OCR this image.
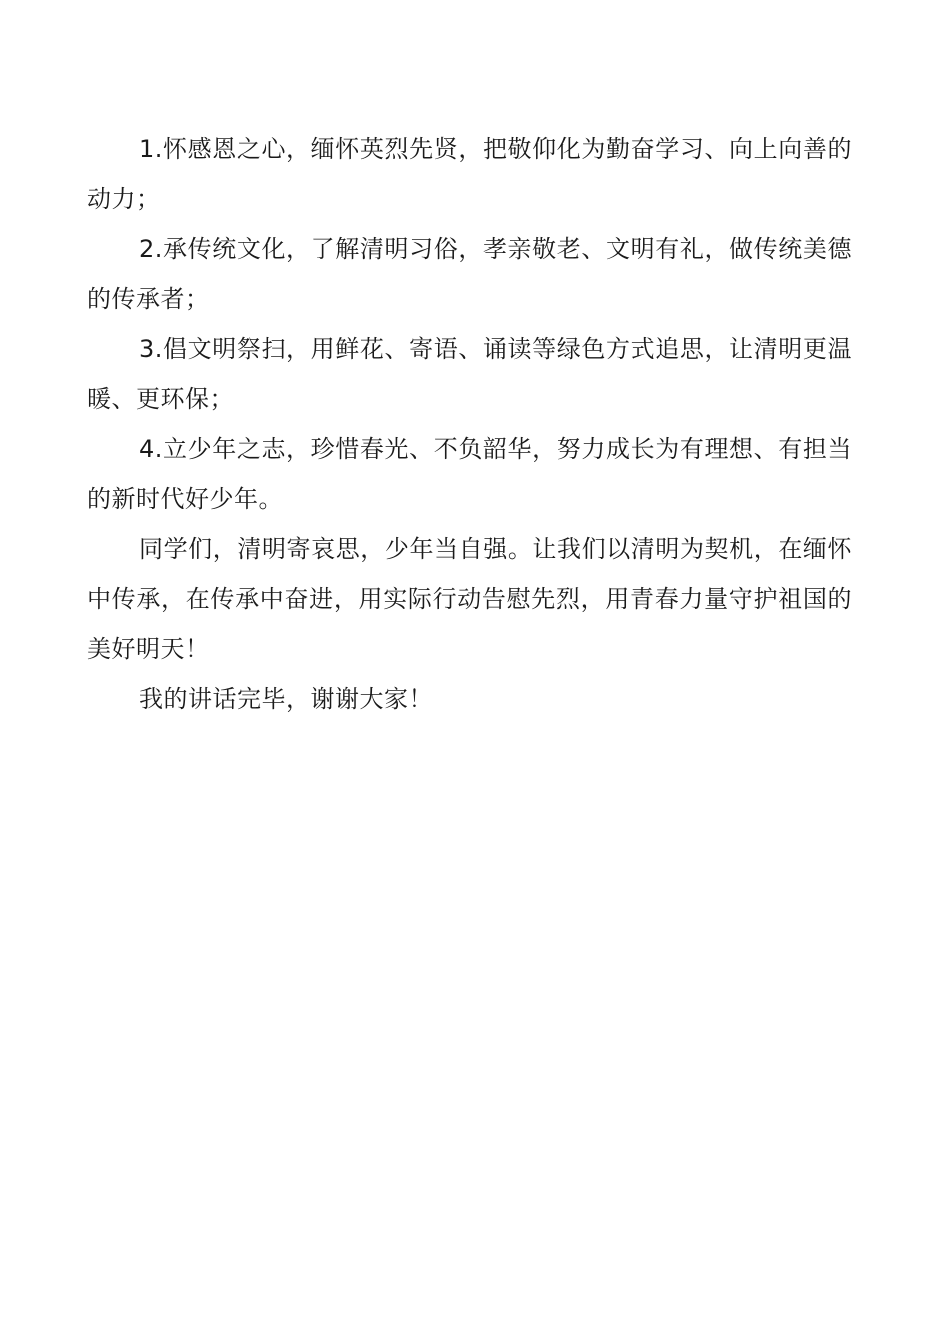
1.怀感恩之心，缅怀英烈先贤，把敬仰化为勤奋学习、向上向善的动力；

2.承传统文化，了解清明习俗，孝亲敬老、文明有礼，做传统美德的传承者；

3.倡文明祭扫，用鲜花、寄语、诵读等绿色方式追思，让清明更温暖、更环保；

4.立少年之志，珍惜春光、不负韶华，努力成长为有理想、有担当的新时代好少年。

同学们，清明寄哀思，少年当自强。让我们以清明为契机，在缅怀中传承，在传承中奋进，用实际行动告慰先烈，用青春力量守护祖国的美好明天！

我的讲话完毕，谢谢大家！
